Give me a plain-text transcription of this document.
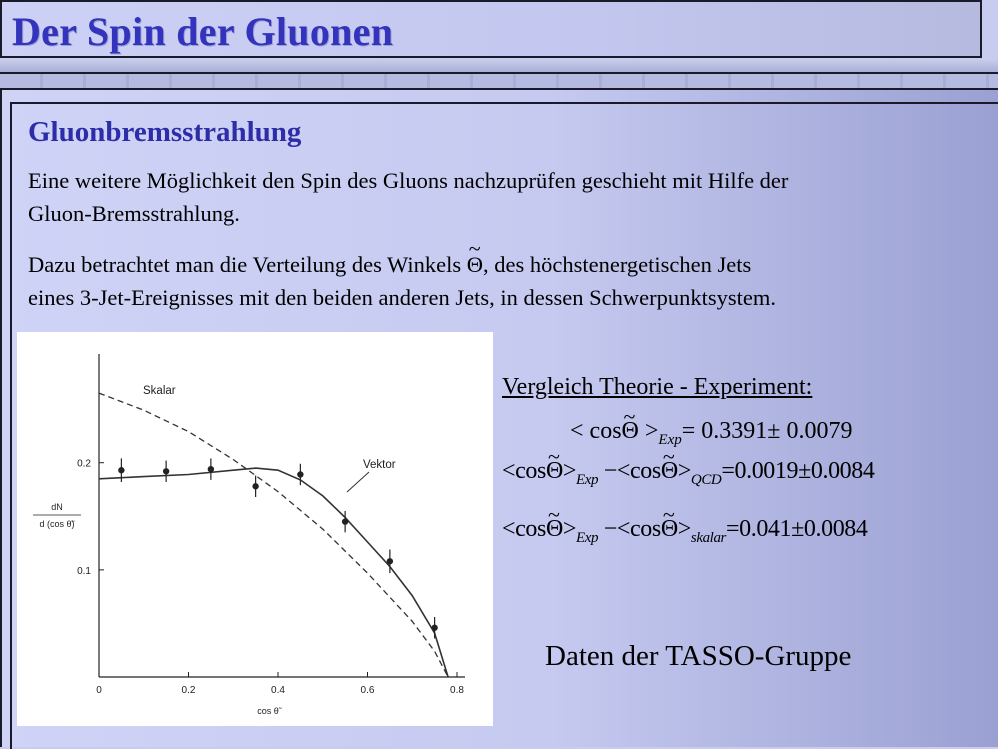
Der Spin der Gluonen
Gluonbremsstrahlung
Eine weitere Möglichkeit den Spin des Gluons nachzuprüfen geschieht mit Hilfe der
Gluon-Bremsstrahlung.
Dazu betrachtet man die Verteilung des Winkels ~ Θ, des höchstenergetischen Jets
eines 3-Jet-Ereignisses mit den beiden anderen Jets, in dessen Schwerpunktsystem.
0	0.2	0.4	0.6	0.8
0.1
0.2
dN
d (cos θ̃)
cos θ̃
Skalar
Vektor
Vergleich Theorie - Experiment:
< cos~ $\Theta >_{Exp}= 0.3391\pm 0.0079$
<cos~ $\Theta>_{Exp}$ −<cos~ $\Theta>_{QCD}=0.0019\pm 0.0084$
<cos~ $\Theta>_{Exp}$ −<cos~ $\Theta>_{skalar}=0.041\pm 0.0084$
Daten der TASSO-Gruppe
